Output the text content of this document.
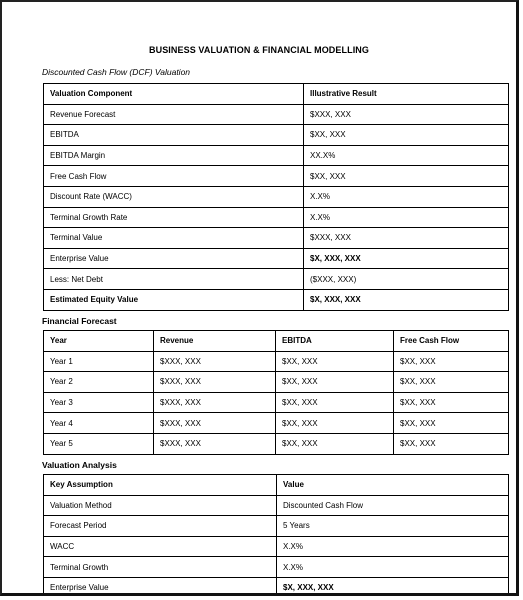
BUSINESS VALUATION & FINANCIAL MODELLING
Discounted Cash Flow (DCF) Valuation
Valuation Component	Illustrative Result
Revenue Forecast	$XXX, XXX
EBITDA	$XX, XXX
EBITDA Margin	XX.X%
Free Cash Flow	$XX, XXX
Discount Rate (WACC)	X.X%
Terminal Growth Rate	X.X%
Terminal Value	$XXX, XXX
Enterprise Value	$X, XXX, XXX
Less: Net Debt	($XXX, XXX)
Estimated Equity Value	$X, XXX, XXX
Financial Forecast
Year	Revenue	EBITDA	Free Cash Flow
Year 1	$XXX, XXX	$XX, XXX	$XX, XXX
Year 2	$XXX, XXX	$XX, XXX	$XX, XXX
Year 3	$XXX, XXX	$XX, XXX	$XX, XXX
Year 4	$XXX, XXX	$XX, XXX	$XX, XXX
Year 5	$XXX, XXX	$XX, XXX	$XX, XXX
Valuation Analysis
Key Assumption	Value
Valuation Method	Discounted Cash Flow
Forecast Period	5 Years
WACC	X.X%
Terminal Growth	X.X%
Enterprise Value	$X, XXX, XXX
